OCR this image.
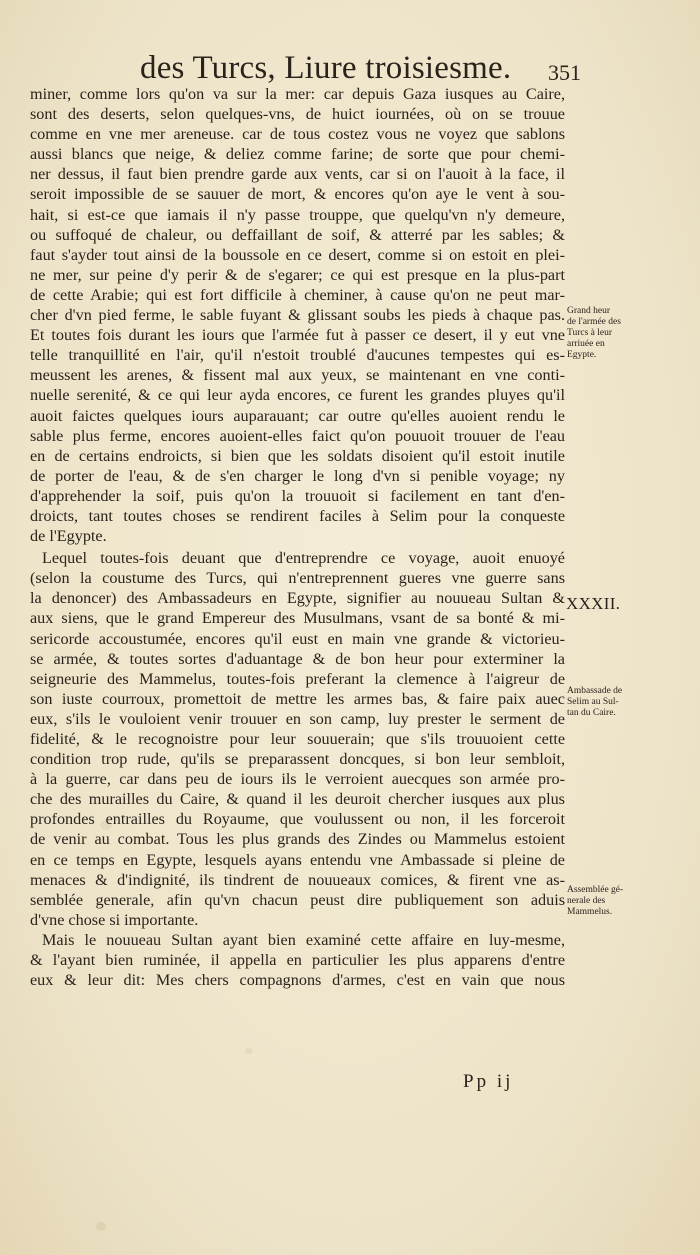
des Turcs, Liure troisiesme. 351
miner, comme lors qu'on va sur la mer: car depuis Gaza iusques au Caire,
sont des deserts, selon quelques-vns, de huict iournées, où on se trouue
comme en vne mer areneuse. car de tous costez vous ne voyez que sablons
aussi blancs que neige, & deliez comme farine; de sorte que pour chemi-
ner dessus, il faut bien prendre garde aux vents, car si on l'auoit à la face, il
seroit impossible de se sauuer de mort, & encores qu'on aye le vent à sou-
hait, si est-ce que iamais il n'y passe trouppe, que quelqu'vn n'y demeure,
ou suffoqué de chaleur, ou deffaillant de soif, & atterré par les sables; &
faut s'ayder tout ainsi de la boussole en ce desert, comme si on estoit en plei-
ne mer, sur peine d'y perir & de s'egarer; ce qui est presque en la plus-part
de cette Arabie; qui est fort difficile à cheminer, à cause qu'on ne peut mar-
cher d'vn pied ferme, le sable fuyant & glissant soubs les pieds à chaque pas.
Et toutes fois durant les iours que l'armée fut à passer ce desert, il y eut vne
telle tranquillité en l'air, qu'il n'estoit troublé d'aucunes tempestes qui es-
meussent les arenes, & fissent mal aux yeux, se maintenant en vne conti-
nuelle serenité, & ce qui leur ayda encores, ce furent les grandes pluyes qu'il
auoit faictes quelques iours auparauant; car outre qu'elles auoient rendu le
sable plus ferme, encores auoient-elles faict qu'on pouuoit trouuer de l'eau
en de certains endroicts, si bien que les soldats disoient qu'il estoit inutile
de porter de l'eau, & de s'en charger le long d'vn si penible voyage; ny
d'apprehender la soif, puis qu'on la trouuoit si facilement en tant d'en-
droicts, tant toutes choses se rendirent faciles à Selim pour la conqueste
de l'Egypte.
Lequel toutes-fois deuant que d'entreprendre ce voyage, auoit enuoyé
(selon la coustume des Turcs, qui n'entreprennent gueres vne guerre sans
la denoncer) des Ambassadeurs en Egypte, signifier au nouueau Sultan &
aux siens, que le grand Empereur des Musulmans, vsant de sa bonté & mi-
sericorde accoustumée, encores qu'il eust en main vne grande & victorieu-
se armée, & toutes sortes d'aduantage & de bon heur pour exterminer la
seigneurie des Mammelus, toutes-fois preferant la clemence à l'aigreur de
son iuste courroux, promettoit de mettre les armes bas, & faire paix auec
eux, s'ils le vouloient venir trouuer en son camp, luy prester le serment de
fidelité, & le recognoistre pour leur souuerain; que s'ils trouuoient cette
condition trop rude, qu'ils se preparassent doncques, si bon leur sembloit,
à la guerre, car dans peu de iours ils le verroient auecques son armée pro-
che des murailles du Caire, & quand il les deuroit chercher iusques aux plus
profondes entrailles du Royaume, que voulussent ou non, il les forceroit
de venir au combat. Tous les plus grands des Zindes ou Mammelus estoient
en ce temps en Egypte, lesquels ayans entendu vne Ambassade si pleine de
menaces & d'indignité, ils tindrent de nouueaux comices, & firent vne as-
semblée generale, afin qu'vn chacun peust dire publiquement son aduis
d'vne chose si importante.
Mais le nouueau Sultan ayant bien examiné cette affaire en luy-mesme,
& l'ayant bien ruminée, il appella en particulier les plus apparens d'entre
eux & leur dit: Mes chers compagnons d'armes, c'est en vain que nous
XXXII.
Grand heur
de l'armée des
Turcs à leur
arriuée en
Egypte.
Ambassade de
Selim au Sul-
tan du Caire.
Assemblée gé-
nerale des
Mammelus.
Pp ij
